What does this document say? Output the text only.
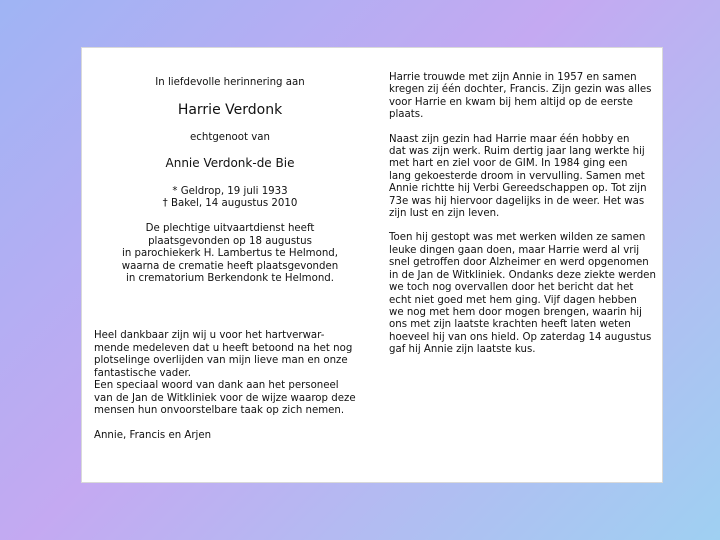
In liefdevolle herinnering aan
Harrie Verdonk
echtgenoot van
Annie Verdonk-de Bie
* Geldrop, 19 juli 1933
† Bakel, 14 augustus 2010
De plechtige uitvaartdienst heeft
plaatsgevonden op 18 augustus
in parochiekerk H. Lambertus te Helmond,
waarna de crematie heeft plaatsgevonden
in crematorium Berkendonk te Helmond.
Heel dankbaar zijn wij u voor het hartverwar-
mende medeleven dat u heeft betoond na het nog
plotselinge overlijden van mijn lieve man en onze
fantastische vader.
Een speciaal woord van dank aan het personeel
van de Jan de Witkliniek voor de wijze waarop deze
mensen hun onvoorstelbare taak op zich nemen.
Annie, Francis en Arjen

Harrie trouwde met zijn Annie in 1957 en samen
kregen zij één dochter, Francis. Zijn gezin was alles
voor Harrie en kwam bij hem altijd op de eerste
plaats.

Naast zijn gezin had Harrie maar één hobby en
dat was zijn werk. Ruim dertig jaar lang werkte hij
met hart en ziel voor de GIM. In 1984 ging een
lang gekoesterde droom in vervulling. Samen met
Annie richtte hij Verbi Gereedschappen op. Tot zijn
73e was hij hiervoor dagelijks in de weer. Het was
zijn lust en zijn leven.

Toen hij gestopt was met werken wilden ze samen
leuke dingen gaan doen, maar Harrie werd al vrij
snel getroffen door Alzheimer en werd opgenomen
in de Jan de Witkliniek. Ondanks deze ziekte werden
we toch nog overvallen door het bericht dat het
echt niet goed met hem ging. Vijf dagen hebben
we nog met hem door mogen brengen, waarin hij
ons met zijn laatste krachten heeft laten weten
hoeveel hij van ons hield. Op zaterdag 14 augustus
gaf hij Annie zijn laatste kus.
